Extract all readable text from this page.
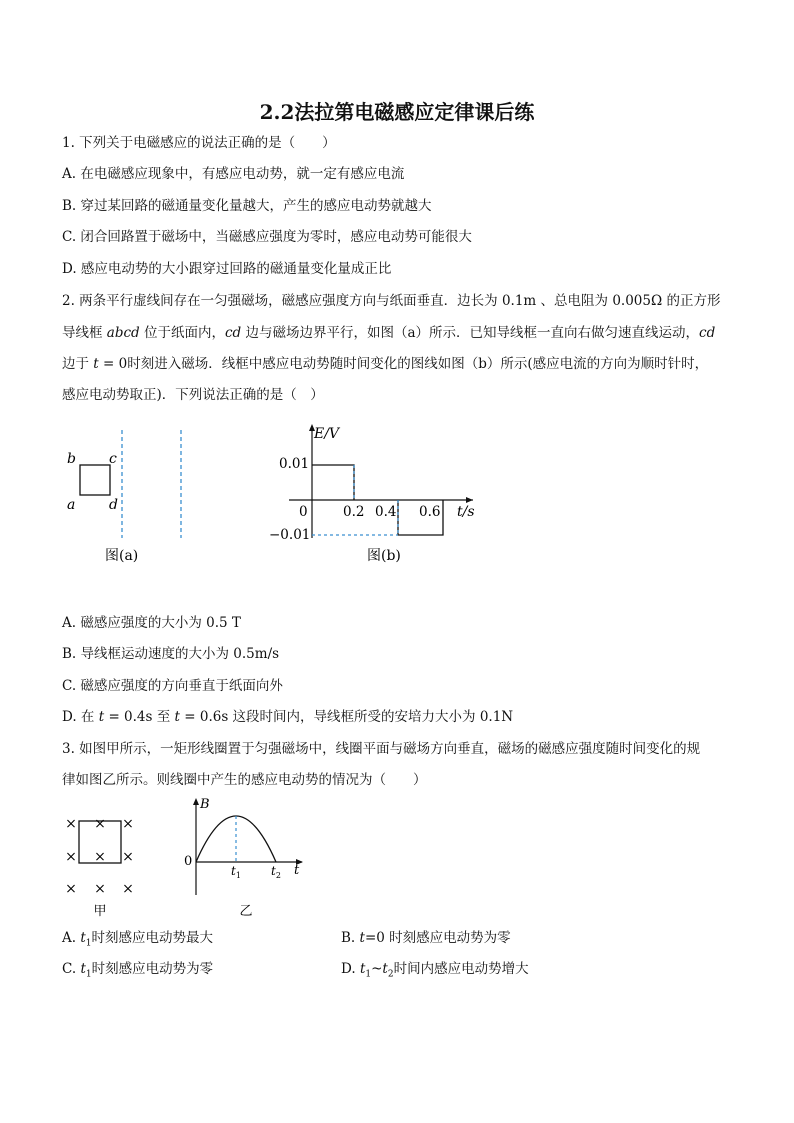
2.2法拉第电磁感应定律课后练
1. 下列关于电磁感应的说法正确的是（　　）
A. 在电磁感应现象中，有感应电动势，就一定有感应电流
B. 穿过某回路的磁通量变化量越大，产生的感应电动势就越大
C. 闭合回路置于磁场中，当磁感应强度为零时，感应电动势可能很大
D. 感应电动势的大小跟穿过回路的磁通量变化量成正比
2. 两条平行虚线间存在一匀强磁场，磁感应强度方向与纸面垂直．边长为 0.1m 、总电阻为 0.005Ω 的正方形
导线框 abcd 位于纸面内，cd 边与磁场边界平行，如图（a）所示．已知导线框一直向右做匀速直线运动，cd
边于 t = 0时刻进入磁场．线框中感应电动势随时间变化的图线如图（b）所示(感应电流的方向为顺时针时，
感应电动势取正)．下列说法正确的是（　）
b c
a d
图(a)
E/V
0.01
−0.01
0	0.2 0.4 0.6 t/s
图(b)
A. 磁感应强度的大小为 0.5 T
B. 导线框运动速度的大小为 0.5m/s
C. 磁感应强度的方向垂直于纸面向外
D. 在 t = 0.4s 至 t = 0.6s 这段时间内，导线框所受的安培力大小为 0.1N
3. 如图甲所示，一矩形线圈置于匀强磁场中，线圈平面与磁场方向垂直，磁场的磁感应强度随时间变化的规
律如图乙所示。则线圈中产生的感应电动势的情况为（　　）
× × ×
× × ×
× × ×
甲
B
0
$t_1$	$t_2$ t
乙
A. $t_1$时刻感应电动势最大	B. t=0 时刻感应电动势为零
C. $t_1$时刻感应电动势为零	D. $t_1\sim t_2$时间内感应电动势增大
